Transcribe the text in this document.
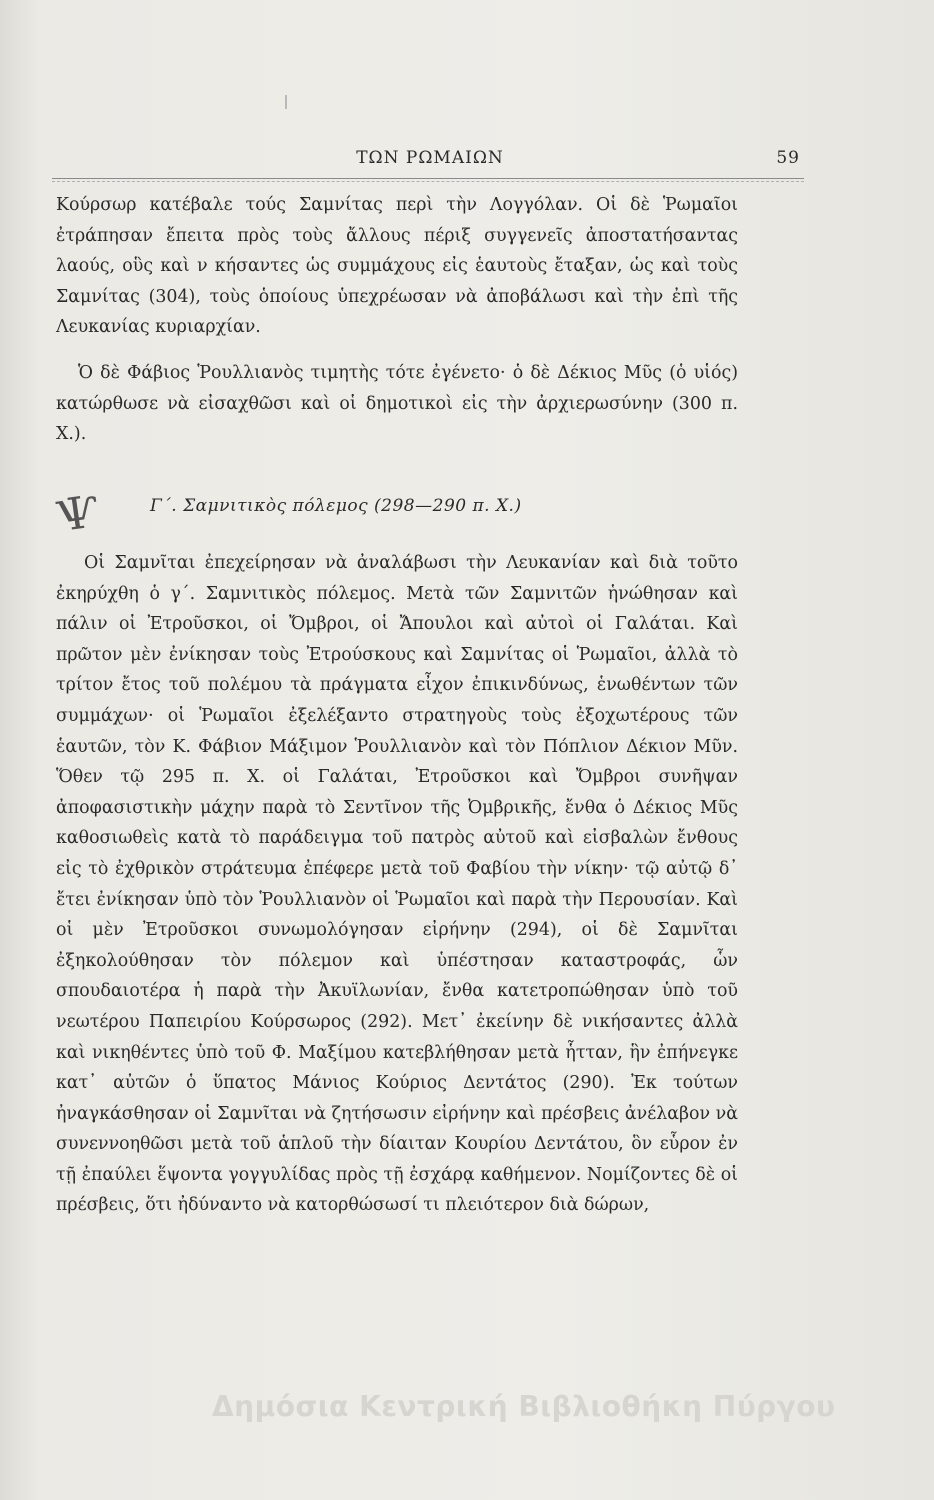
ΤΩΝ ΡΩΜΑΙΩΝ	59
Κούρσωρ κατέβαλε τούς Σαμνίτας περὶ τὴν Λογγόλαν. Οἱ δὲ Ῥωμαῖοι ἐτράπησαν ἔπειτα πρὸς τοὺς ἄλλους πέριξ συγγενεῖς ἀποστατήσαντας λαούς, οὓς καὶ ν κήσαντες ὡς συμμάχους εἰς ἑαυτοὺς ἔταξαν, ὡς καὶ τοὺς Σαμνίτας (304), τοὺς ὁποίους ὑπεχρέωσαν νὰ ἀποβάλωσι καὶ τὴν ἐπὶ τῆς Λευκανίας κυριαρχίαν.
Ὁ δὲ Φάβιος Ῥουλλιανὸς τιμητὴς τότε ἐγένετο· ὁ δὲ Δέκιος Μῦς (ὁ υἱός) κατώρθωσε νὰ εἰσαχθῶσι καὶ οἱ δημοτικοὶ εἰς τὴν ἀρχιερωσύνην (300 π. Χ.).
Ѱ	Γ΄. Σαμνιτικὸς πόλεμος (298—290 π. Χ.)
Οἱ Σαμνῖται ἐπεχείρησαν νὰ ἀναλάβωσι τὴν Λευκανίαν καὶ διὰ τοῦτο ἐκηρύχθη ὁ γ΄. Σαμνιτικὸς πόλεμος. Μετὰ τῶν Σαμνιτῶν ἡνώθησαν καὶ πάλιν οἱ Ἐτροῦσκοι, οἱ Ὄμβροι, οἱ Ἄπουλοι καὶ αὐτοὶ οἱ Γαλάται. Καὶ πρῶτον μὲν ἐνίκησαν τοὺς Ἐτρούσκους καὶ Σαμνίτας οἱ Ῥωμαῖοι, ἀλλὰ τὸ τρίτον ἔτος τοῦ πολέμου τὰ πράγματα εἶχον ἐπικινδύνως, ἑνωθέντων τῶν συμμάχων· οἱ Ῥωμαῖοι ἐξελέξαντο στρατηγοὺς τοὺς ἐξοχωτέρους τῶν ἑαυτῶν, τὸν Κ. Φάβιον Μάξιμον Ῥουλλιανὸν καὶ τὸν Πόπλιον Δέκιον Μῦν. Ὅθεν τῷ 295 π. Χ. οἱ Γαλάται, Ἐτροῦσκοι καὶ Ὄμβροι συνῆψαν ἀποφασιστικὴν μάχην παρὰ τὸ Σεντῖνον τῆς Ὀμβρικῆς, ἔνθα ὁ Δέκιος Μῦς καθοσιωθεὶς κατὰ τὸ παράδειγμα τοῦ πατρὸς αὐτοῦ καὶ εἰσβαλὼν ἔνθους εἰς τὸ ἐχθρικὸν στράτευμα ἐπέφερε μετὰ τοῦ Φαβίου τὴν νίκην· τῷ αὐτῷ δ᾽ ἔτει ἐνίκησαν ὑπὸ τὸν Ῥουλλιανὸν οἱ Ῥωμαῖοι καὶ παρὰ τὴν Περουσίαν. Καὶ οἱ μὲν Ἐτροῦσκοι συνωμολόγησαν εἰρήνην (294), οἱ δὲ Σαμνῖται ἐξηκολούθησαν τὸν πόλεμον καὶ ὑπέστησαν καταστροφάς, ὧν σπουδαιοτέρα ἡ παρὰ τὴν Ἀκυϊλωνίαν, ἔνθα κατετροπώθησαν ὑπὸ τοῦ νεωτέρου Παπειρίου Κούρσωρος (292). Μετ᾽ ἐκείνην δὲ νικήσαντες ἀλλὰ καὶ νικηθέντες ὑπὸ τοῦ Φ. Μαξίμου κατεβλήθησαν μετὰ ἧτταν, ἣν ἐπήνεγκε κατ᾽ αὐτῶν ὁ ὕπατος Μάνιος Κούριος Δεντάτος (290). Ἐκ τούτων ἠναγκάσθησαν οἱ Σαμνῖται νὰ ζητήσωσιν εἰρήνην καὶ πρέσβεις ἀνέλαβον νὰ συνεννοηθῶσι μετὰ τοῦ ἁπλοῦ τὴν δίαιταν Κουρίου Δεντάτου, ὃν εὗρον ἐν τῇ ἐπαύλει ἕψοντα γογγυλίδας πρὸς τῇ ἐσχάρᾳ καθήμενον. Νομίζοντες δὲ οἱ πρέσβεις, ὅτι ἠδύναντο νὰ κατορθώσωσί τι πλειότερον διὰ δώρων,
Δημόσια Κεντρική Βιβλιοθήκη Πύργου
